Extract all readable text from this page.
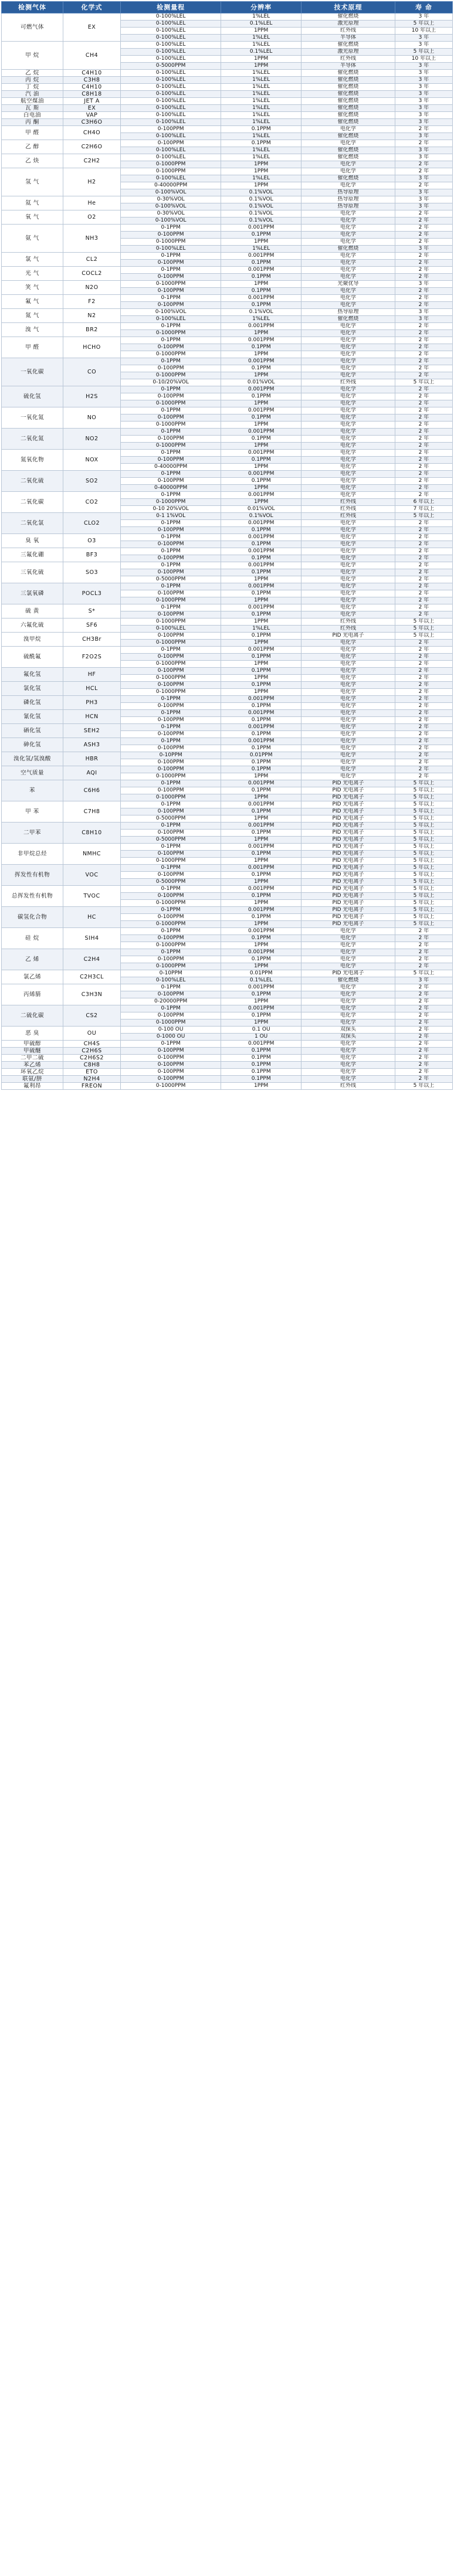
检测气体	化学式	检测量程	分辨率	技术原理	寿 命
可燃气体	EX	0-100%LEL	1%LEL	催化燃烧	3 年
		0-100%LEL	0.1%LEL	激光原理	5 年以上
		0-100%LEL	1PPM	红外线	10 年以上
		0-100%LEL	1%LEL	半导体	3 年
甲 烷	CH4	0-100%LEL	1%LEL	催化燃烧	3 年
		0-100%LEL	0.1%LEL	激光原理	5 年以上
		0-100%LEL	1PPM	红外线	10 年以上
		0-5000PPM	1PPM	半导体	3 年
乙 烷	C4H10	0-100%LEL	1%LEL	催化燃烧	3 年
丙 烷	C3H8	0-100%LEL	1%LEL	催化燃烧	3 年
丁 烷	C4H10	0-100%LEL	1%LEL	催化燃烧	3 年
汽 油	C8H18	0-100%LEL	1%LEL	催化燃烧	3 年
航空煤油	JET A	0-100%LEL	1%LEL	催化燃烧	3 年
瓦 斯	EX	0-100%LEL	1%LEL	催化燃烧	3 年
白电油	VAP	0-100%LEL	1%LEL	催化燃烧	3 年
丙 酮	C3H6O	0-100%LEL	1%LEL	催化燃烧	3 年
甲 醛	CH4O	0-100PPM	0.1PPM	电化学	2 年
		0-100%LEL	1%LEL	催化燃烧	3 年
乙 醇	C2H6O	0-100PPM	0.1PPM	电化学	2 年
		0-100%LEL	1%LEL	催化燃烧	3 年
乙 炔	C2H2	0-100%LEL	1%LEL	催化燃烧	3 年
		0-1000PPM	1PPM	电化学	2 年
氢 气	H2	0-1000PPM	1PPM	电化学	2 年
		0-100%LEL	1%LEL	催化燃烧	3 年
		0-40000PPM	1PPM	电化学	2 年
		0-100%VOL	0.1%VOL	热导原理	3 年
氦 气	He	0-30%VOL	0.1%VOL	热导原理	3 年
		0-100%VOL	0.1%VOL	热导原理	3 年
氧 气	O2	0-30%VOL	0.1%VOL	电化学	2 年
		0-100%VOL	0.1%VOL	电化学	2 年
氨 气	NH3	0-1PPM	0.001PPM	电化学	2 年
		0-100PPM	0.1PPM	电化学	2 年
		0-1000PPM	1PPM	电化学	2 年
		0-100%LEL	1%LEL	催化燃烧	3 年
氯 气	CL2	0-1PPM	0.001PPM	电化学	2 年
		0-100PPM	0.1PPM	电化学	2 年
光 气	COCL2	0-1PPM	0.001PPM	电化学	2 年
		0-100PPM	0.1PPM	电化学	2 年
笑 气	N2O	0-1000PPM	1PPM	光聚优导	3 年
		0-100PPM	0.1PPM	电化学	2 年
氟 气	F2	0-1PPM	0.001PPM	电化学	2 年
		0-100PPM	0.1PPM	电化学	2 年
氮 气	N2	0-100%VOL	0.1%VOL	热导原理	3 年
		0-100%LEL	1%LEL	催化燃烧	3 年
溴 气	BR2	0-1PPM	0.001PPM	电化学	2 年
		0-1000PPM	1PPM	电化学	2 年
甲 醛	HCHO	0-1PPM	0.001PPM	电化学	2 年
		0-100PPM	0.1PPM	电化学	2 年
		0-1000PPM	1PPM	电化学	2 年
一氧化碳	CO	0-1PPM	0.001PPM	电化学	2 年
		0-100PPM	0.1PPM	电化学	2 年
		0-1000PPM	1PPM	电化学	2 年
		0-10/20%VOL	0.01%VOL	红外线	5 年以上
硫化氢	H2S	0-1PPM	0.001PPM	电化学	2 年
		0-100PPM	0.1PPM	电化学	2 年
		0-1000PPM	1PPM	电化学	2 年
一氧化氮	NO	0-1PPM	0.001PPM	电化学	2 年
		0-100PPM	0.1PPM	电化学	2 年
		0-1000PPM	1PPM	电化学	2 年
二氧化氮	NO2	0-1PPM	0.001PPM	电化学	2 年
		0-100PPM	0.1PPM	电化学	2 年
		0-1000PPM	1PPM	电化学	2 年
氮氧化物	NOX	0-1PPM	0.001PPM	电化学	2 年
		0-100PPM	0.1PPM	电化学	2 年
		0-40000PPM	1PPM	电化学	2 年
二氧化硫	SO2	0-1PPM	0.001PPM	电化学	2 年
		0-100PPM	0.1PPM	电化学	2 年
		0-40000PPM	1PPM	电化学	2 年
二氧化碳	CO2	0-1PPM	0.001PPM	电化学	2 年
		0-1000PPM	1PPM	红外线	6 年以上
		0-10 20%VOL	0.01%VOL	红外线	7 年以上
二氧化氯	CLO2	0-1 1%VOL	0.1%VOL	红外线	5 年以上
		0-1PPM	0.001PPM	电化学	2 年
		0-100PPM	0.1PPM	电化学	2 年
臭 氧	O3	0-1PPM	0.001PPM	电化学	2 年
		0-100PPM	0.1PPM	电化学	2 年
三氟化硼	BF3	0-1PPM	0.001PPM	电化学	2 年
		0-100PPM	0.1PPM	电化学	2 年
三氧化硫	SO3	0-1PPM	0.001PPM	电化学	2 年
		0-100PPM	0.1PPM	电化学	2 年
		0-5000PPM	1PPM	电化学	2 年
三氯氧磷	POCL3	0-1PPM	0.001PPM	电化学	2 年
		0-100PPM	0.1PPM	电化学	2 年
		0-1000PPM	1PPM	电化学	2 年
硫 黄	S*	0-1PPM	0.001PPM	电化学	2 年
		0-100PPM	0.1PPM	电化学	2 年
六氟化硫	SF6	0-1000PPM	1PPM	红外线	5 年以上
		0-100%LEL	1%LEL	红外线	5 年以上
溴甲烷	CH3Br	0-100PPM	0.1PPM	PID 光电离子	5 年以上
		0-1000PPM	1PPM	电化学	2 年
硫酰氟	F2O2S	0-1PPM	0.001PPM	电化学	2 年
		0-100PPM	0.1PPM	电化学	2 年
		0-1000PPM	1PPM	电化学	2 年
氟化氢	HF	0-100PPM	0.1PPM	电化学	2 年
		0-1000PPM	1PPM	电化学	2 年
氯化氢	HCL	0-100PPM	0.1PPM	电化学	2 年
		0-1000PPM	1PPM	电化学	2 年
磷化氢	PH3	0-1PPM	0.001PPM	电化学	2 年
		0-100PPM	0.1PPM	电化学	2 年
氰化氢	HCN	0-1PPM	0.001PPM	电化学	2 年
		0-100PPM	0.1PPM	电化学	2 年
硒化氢	SEH2	0-1PPM	0.001PPM	电化学	2 年
		0-100PPM	0.1PPM	电化学	2 年
砷化氢	ASH3	0-1PPM	0.001PPM	电化学	2 年
		0-100PPM	0.1PPM	电化学	2 年
溴化氢/氢溴酸	HBR	0-10PPM	0.01PPM	电化学	2 年
		0-100PPM	0.1PPM	电化学	2 年
空气质量	AQI	0-100PPM	0.1PPM	电化学	2 年
		0-1000PPM	1PPM	电化学	2 年
苯	C6H6	0-1PPM	0.001PPM	PID 光电离子	5 年以上
		0-100PPM	0.1PPM	PID 光电离子	5 年以上
		0-1000PPM	1PPM	PID 光电离子	5 年以上
甲 苯	C7H8	0-1PPM	0.001PPM	PID 光电离子	5 年以上
		0-100PPM	0.1PPM	PID 光电离子	5 年以上
		0-5000PPM	1PPM	PID 光电离子	5 年以上
二甲苯	C8H10	0-1PPM	0.001PPM	PID 光电离子	5 年以上
		0-100PPM	0.1PPM	PID 光电离子	5 年以上
		0-5000PPM	1PPM	PID 光电离子	5 年以上
非甲烷总烃	NMHC	0-1PPM	0.001PPM	PID 光电离子	5 年以上
		0-100PPM	0.1PPM	PID 光电离子	5 年以上
		0-1000PPM	1PPM	PID 光电离子	5 年以上
挥发性有机物	VOC	0-1PPM	0.001PPM	PID 光电离子	5 年以上
		0-100PPM	0.1PPM	PID 光电离子	5 年以上
		0-5000PPM	1PPM	PID 光电离子	5 年以上
总挥发性有机物	TVOC	0-1PPM	0.001PPM	PID 光电离子	5 年以上
		0-100PPM	0.1PPM	PID 光电离子	5 年以上
		0-1000PPM	1PPM	PID 光电离子	5 年以上
碳氢化合物	HC	0-1PPM	0.001PPM	PID 光电离子	5 年以上
		0-100PPM	0.1PPM	PID 光电离子	5 年以上
		0-1000PPM	1PPM	PID 光电离子	5 年以上
硅 烷	SIH4	0-1PPM	0.001PPM	电化学	2 年
		0-100PPM	0.1PPM	电化学	2 年
		0-1000PPM	1PPM	电化学	2 年
乙 烯	C2H4	0-1PPM	0.001PPM	电化学	2 年
		0-100PPM	0.1PPM	电化学	2 年
		0-1000PPM	1PPM	电化学	2 年
氯乙烯	C2H3CL	0-10PPM	0.01PPM	PID 光电离子	5 年以上
		0-100%LEL	0.1%LEL	催化燃烧	3 年
丙烯腈	C3H3N	0-1PPM	0.001PPM	电化学	2 年
		0-100PPM	0.1PPM	电化学	2 年
		0-20000PPM	1PPM	电化学	2 年
二硫化碳	CS2	0-1PPM	0.001PPM	电化学	2 年
		0-100PPM	0.1PPM	电化学	2 年
		0-1000PPM	1PPM	电化学	2 年
恶 臭	OU	0-100 OU	0.1 OU	双探头	2 年
		0-1000 OU	1 OU	双探头	2 年
甲硫醇	CH4S	0-1PPM	0.001PPM	电化学	2 年
甲硫醚	C2H6S	0-100PPM	0.1PPM	电化学	2 年
二甲二硫	C2H6S2	0-100PPM	0.1PPM	电化学	2 年
苯乙烯	C8H8	0-100PPM	0.1PPM	电化学	2 年
环氧乙烷	ETO	0-100PPM	0.1PPM	电化学	2 年
联氨/肼	N2H4	0-100PPM	0.1PPM	电化学	2 年
氟利昂	FREON	0-1000PPM	1PPM	红外线	5 年以上
